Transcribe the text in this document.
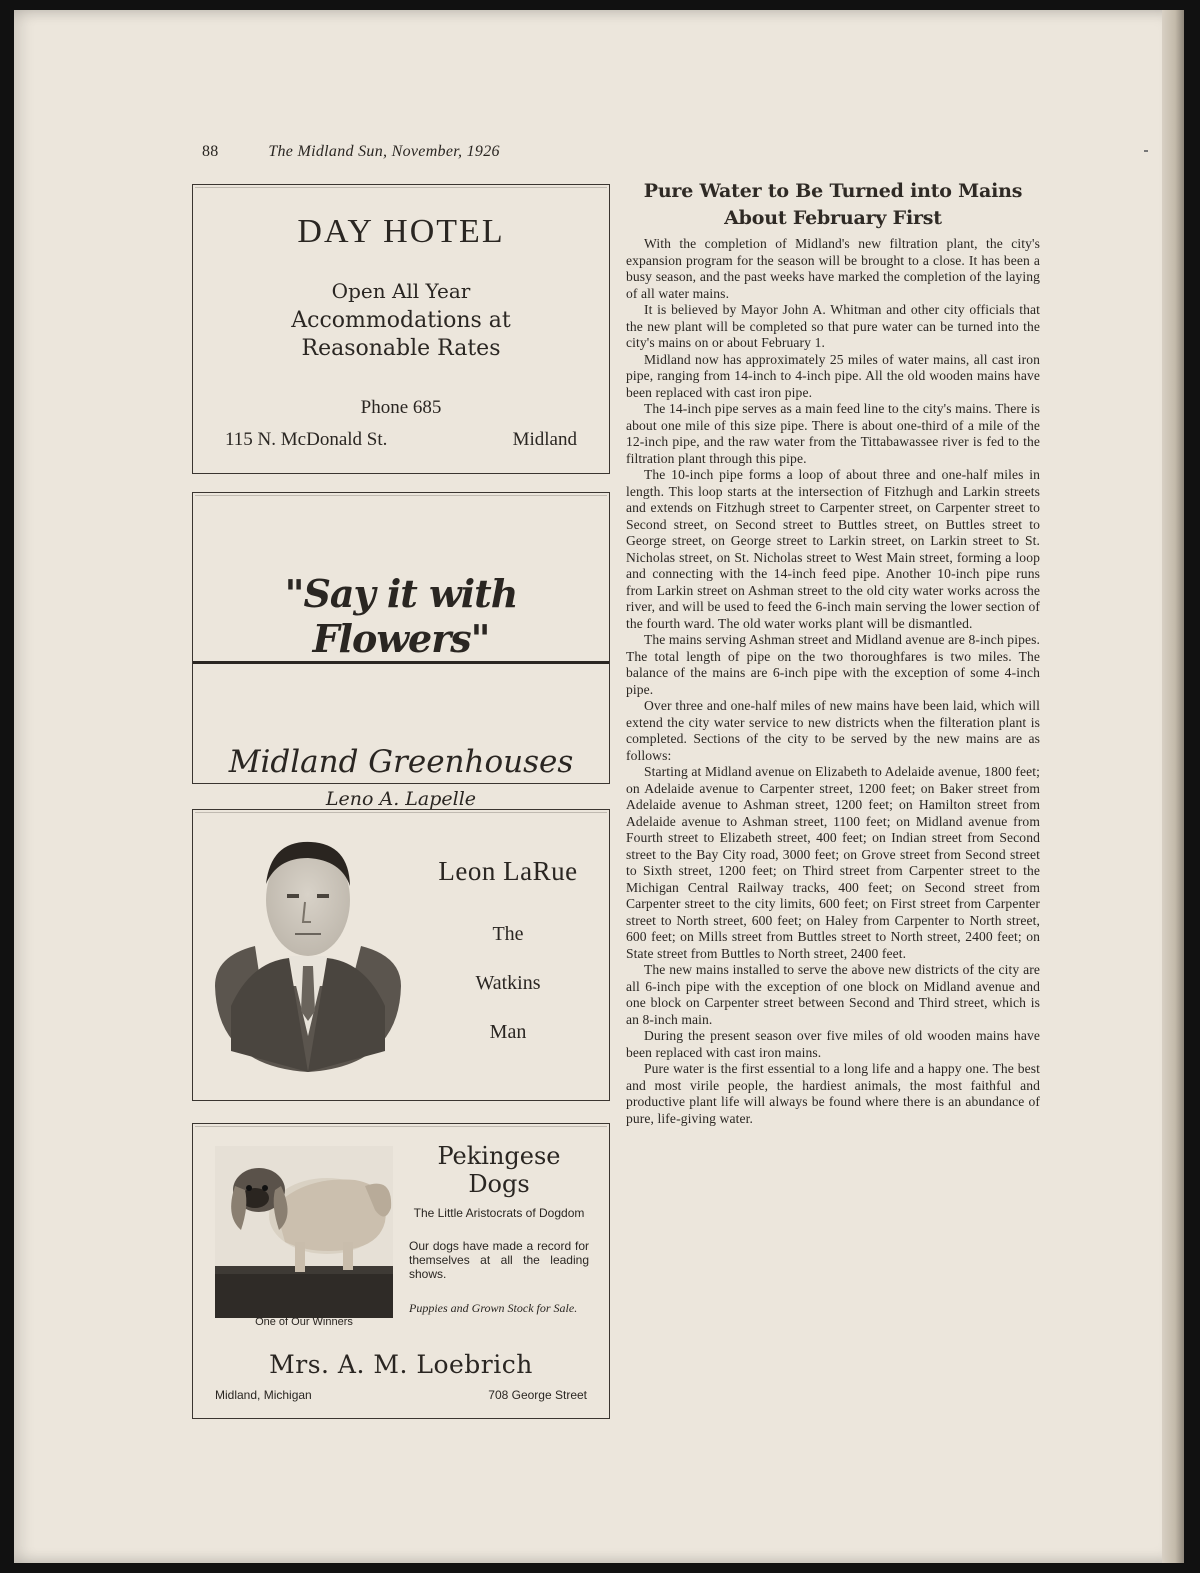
88	The Midland Sun, November, 1926
DAY HOTEL
Open All Year
Accommodations at
Reasonable Rates
Phone 685
115 N. McDonald St.	Midland
"Say it with Flowers"
Midland Greenhouses
Leno A. Lapelle
Leon LaRue
The
Watkins
Man
One of Our Winners
Pekingese Dogs
The Little Aristocrats of Dogdom
Our dogs have made a record for themselves at all the leading shows.
Puppies and Grown Stock for Sale.
Mrs. A. M. Loebrich
Midland, Michigan	708 George Street
Pure Water to Be Turned into Mains
About February First

With the completion of Midland's new filtration plant, the city's expansion program for the season will be brought to a close. It has been a busy season, and the past weeks have marked the completion of the laying of all water mains.

It is believed by Mayor John A. Whitman and other city officials that the new plant will be completed so that pure water can be turned into the city's mains on or about February 1.

Midland now has approximately 25 miles of water mains, all cast iron pipe, ranging from 14-inch to 4-inch pipe. All the old wooden mains have been replaced with cast iron pipe.

The 14-inch pipe serves as a main feed line to the city's mains. There is about one mile of this size pipe. There is about one-third of a mile of the 12-inch pipe, and the raw water from the Tittabawassee river is fed to the filtration plant through this pipe.

The 10-inch pipe forms a loop of about three and one-half miles in length. This loop starts at the intersection of Fitzhugh and Larkin streets and extends on Fitzhugh street to Carpenter street, on Carpenter street to Second street, on Second street to Buttles street, on Buttles street to George street, on George street to Larkin street, on Larkin street to St. Nicholas street, on St. Nicholas street to West Main street, forming a loop and connecting with the 14-inch feed pipe. Another 10-inch pipe runs from Larkin street on Ashman street to the old city water works across the river, and will be used to feed the 6-inch main serving the lower section of the fourth ward. The old water works plant will be dismantled.

The mains serving Ashman street and Midland avenue are 8-inch pipes. The total length of pipe on the two thoroughfares is two miles. The balance of the mains are 6-inch pipe with the exception of some 4-inch pipe.

Over three and one-half miles of new mains have been laid, which will extend the city water service to new districts when the filteration plant is completed. Sections of the city to be served by the new mains are as follows:

Starting at Midland avenue on Elizabeth to Adelaide avenue, 1800 feet; on Adelaide avenue to Carpenter street, 1200 feet; on Baker street from Adelaide avenue to Ashman street, 1200 feet; on Hamilton street from Adelaide avenue to Ashman street, 1100 feet; on Midland avenue from Fourth street to Elizabeth street, 400 feet; on Indian street from Second street to the Bay City road, 3000 feet; on Grove street from Second street to Sixth street, 1200 feet; on Third street from Carpenter street to the Michigan Central Railway tracks, 400 feet; on Second street from Carpenter street to the city limits, 600 feet; on First street from Carpenter street to North street, 600 feet; on Haley from Carpenter to North street, 600 feet; on Mills street from Buttles street to North street, 2400 feet; on State street from Buttles to North street, 2400 feet.

The new mains installed to serve the above new districts of the city are all 6-inch pipe with the exception of one block on Midland avenue and one block on Carpenter street between Second and Third street, which is an 8-inch main.

During the present season over five miles of old wooden mains have been replaced with cast iron mains.

Pure water is the first essential to a long life and a happy one. The best and most virile people, the hardiest animals, the most faithful and productive plant life will always be found where there is an abundance of pure, life-giving water.
